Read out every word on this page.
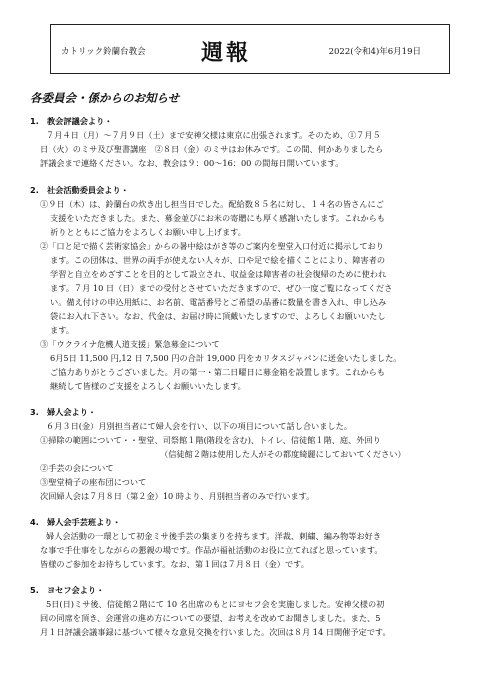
カトリック鈴蘭台教会	週報	2022(令和4)年6月19日
各委員会・係からのお知らせ
1.　教会評議会より・
７月４日（月）～７月９日（土）まで安神父様は東京に出張されます。そのため、①７月５
日（火）のミサ及び聖書講座　②８日（金）のミサはお休みです。この間、何かありましたら
評議会まで連絡ください。なお、教会は９：00～16：00 の間毎日開いています。
2.　社会活動委員会より・
①９日（木）は、鈴蘭台の炊き出し担当日でした。配給数８５名に対し、１４名の皆さんにご
支援をいただきました。また、募金並びにお米の寄贈にも厚く感謝いたします。これからも
祈りとともにご協力をよろしくお願い申し上げます。
②「口と足で描く芸術家協会」からの暑中絵はがき等のご案内を聖堂入口付近に掲示しており
ます。この団体は、世界の両手が使えない人々が、口や足で絵を描くことにより、障害者の
学習と自立をめざすことを目的として設立され、収益金は障害者の社会復帰のために使われ
ます。７月 10 日（日）までの受付とさせていただきますので、ぜひ一度ご覧になってくださ
い。備え付けの申込用紙に、お名前、電話番号とご希望の品番に数量を書き入れ、申し込み
袋にお入れ下さい。なお、代金は、お届け時に頂戴いたしますので、よろしくお願いいたし
ます。
③「ウクライナ危機人道支援」緊急募金について
6月5日 11,500 円,12 日 7,500 円の合計 19,000 円をカリタスジャパンに送金いたしました。
ご協力ありがとうございました。月の第一・第二日曜日に募金箱を設置します。これからも
継続して皆様のご支援をよろしくお願いいたします。
3.　婦人会より・
６月３日(金）月別担当者にて婦人会を行い、以下の項目について話し合いました。
①掃除の範囲について・・聖堂、司祭館１階(階段を含む)、トイレ、信徒館１階、庭、外回り
（信徒館２階は使用した人がその都度綺麗にしておいてください）
②手芸の会について
③聖堂椅子の座布団について
次回婦人会は７月８日（第２金）10 時より、月別担当者のみで行います。
4.　婦人会手芸班より・
婦人会活動の一環として初金ミサ後手芸の集まりを持ちます。洋裁、刺繍、編み物等お好き
な事で手仕事をしながらの懇親の場です。作品が福祉活動のお役に立てればと思っています。
皆様のご参加をお待ちしています。なお、第１回は７月８日（金）です。
5.　ヨセフ会より・
5日(日)ミサ後、信徒館２階にて 10 名出席のもとにヨセフ会を実施しました。安神父様の初
回の同席を頂き、会運営の進め方についての要望、お考えを改めてお聞きしました。また、5
月１日評議会議事録に基づいて様々な意見交換を行いました。次回は８月 14 日開催予定です。
